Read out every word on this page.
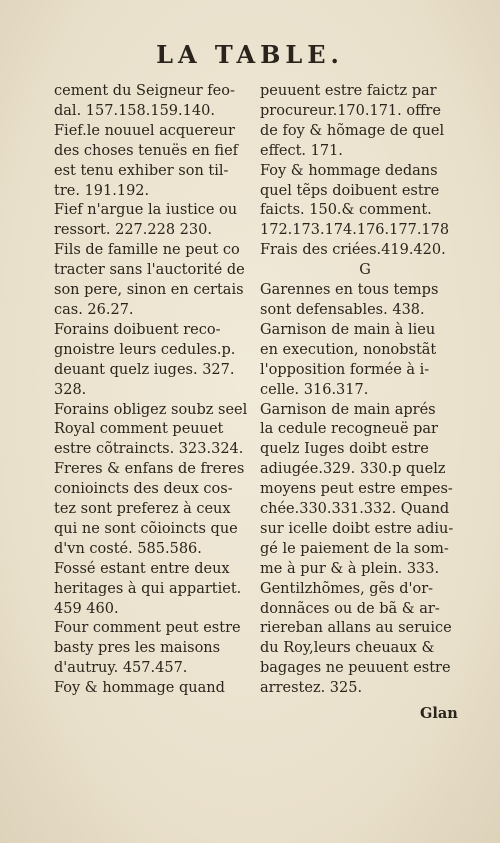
LA TABLE.
cement du Seigneur feo-
dal. 157.158.159.140.
Fief.le nouuel acquereur
des choses tenuës en fief
est tenu exhiber son til-
tre. 191.192.
Fief n'argue la iustice ou
ressort. 227.228 230.
Fils de famille ne peut co
tracter sans l'auctorité de
son pere, sinon en certais
cas. 26.27.
Forains doibuent reco-
gnoistre leurs cedules.p.
deuant quelz iuges. 327.
328.
Forains obligez soubz seel
Royal comment peuuet
estre cõtraincts. 323.324.
Freres & enfans de freres
conioincts des deux cos-
tez sont preferez à ceux
qui ne sont cõioincts que
d'vn costé. 585.586.
Fossé estant entre deux
heritages à qui appartiet.
459 460.
Four comment peut estre
basty pres les maisons
d'autruy. 457.457.
Foy & hommage quand
peuuent estre faictz par
procureur.170.171. offre
de foy & hõmage de quel
effect. 171.
Foy & hommage dedans
quel tẽps doibuent estre
faicts. 150.& comment.
172.173.174.176.177.178
Frais des criées.419.420.
G
Garennes en tous temps
sont defensables. 438.
Garnison de main à lieu
en execution, nonobstãt
l'opposition formée à i-
celle. 316.317.
Garnison de main aprés
la cedule recogneuë par
quelz Iuges doibt estre
adiugée.329. 330.p quelz
moyens peut estre empes-
chée.330.331.332. Quand
sur icelle doibt estre adiu-
gé le paiement de la som-
me à pur & à plein. 333.
Gentilzhõmes, gẽs d'or-
donnãces ou de bã & ar-
riereban allans au seruice
du Roy,leurs cheuaux &
bagages ne peuuent estre
arrestez. 325.
Glan
